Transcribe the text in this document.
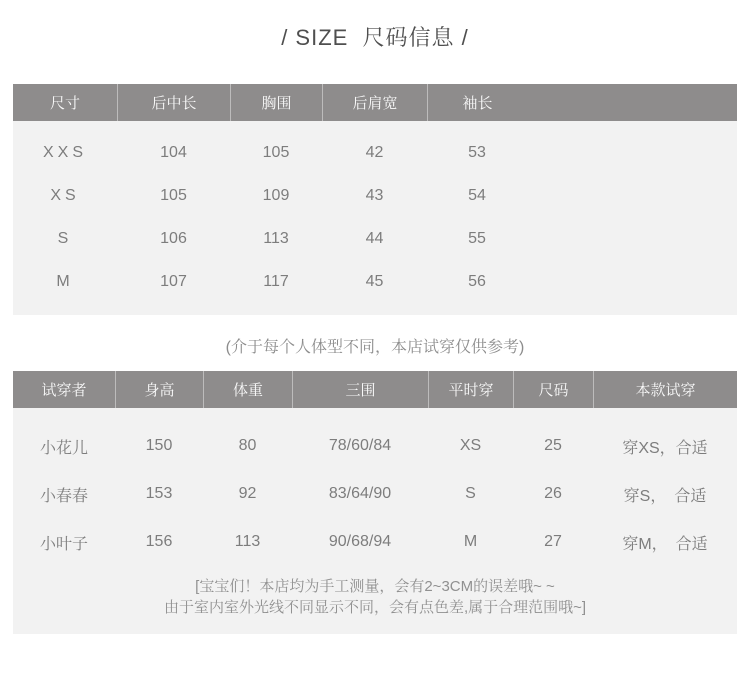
/ SIZE  尺码信息 /
尺寸	后中长	胸围	后肩宽	袖长
XXS	104	105	42	53
XS	105	109	43	54
S	106	113	44	55
M	107	117	45	56

(介于每个人体型不同，本店试穿仅供参考)

试穿者	身高	体重	三围	平时穿	尺码	本款试穿
小花儿	150	80	78/60/84	XS	25	穿XS，合适
小春春	153	92	83/64/90	S	26	穿S，　合适
小叶子	156	113	90/68/94	M	27	穿M，　合适

[宝宝们！本店均为手工测量，会有2~3CM的误差哦~ ~

由于室内室外光线不同显示不同，会有点色差,属于合理范围哦~]
